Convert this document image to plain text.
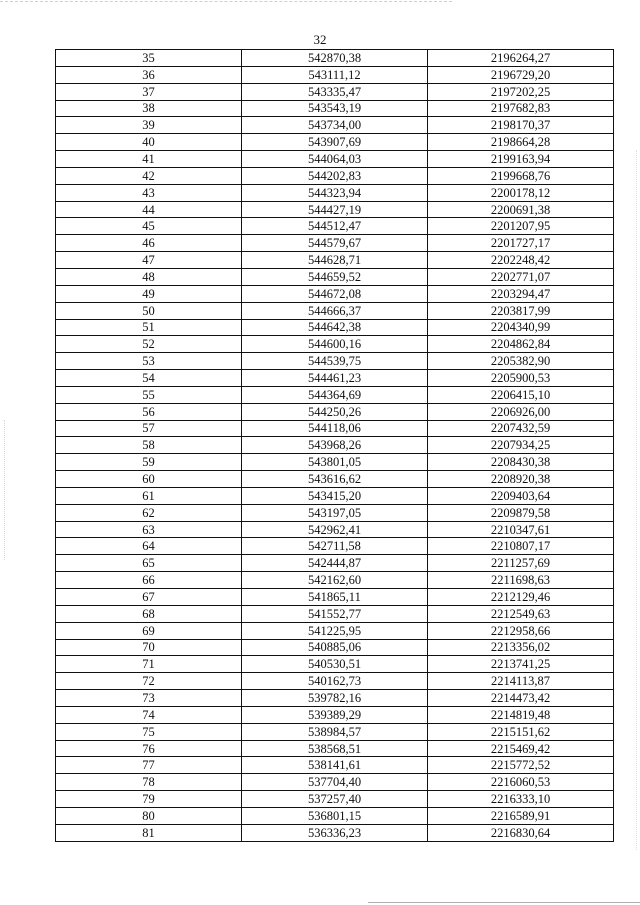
32
35	542870,38	2196264,27
36	543111,12	2196729,20
37	543335,47	2197202,25
38	543543,19	2197682,83
39	543734,00	2198170,37
40	543907,69	2198664,28
41	544064,03	2199163,94
42	544202,83	2199668,76
43	544323,94	2200178,12
44	544427,19	2200691,38
45	544512,47	2201207,95
46	544579,67	2201727,17
47	544628,71	2202248,42
48	544659,52	2202771,07
49	544672,08	2203294,47
50	544666,37	2203817,99
51	544642,38	2204340,99
52	544600,16	2204862,84
53	544539,75	2205382,90
54	544461,23	2205900,53
55	544364,69	2206415,10
56	544250,26	2206926,00
57	544118,06	2207432,59
58	543968,26	2207934,25
59	543801,05	2208430,38
60	543616,62	2208920,38
61	543415,20	2209403,64
62	543197,05	2209879,58
63	542962,41	2210347,61
64	542711,58	2210807,17
65	542444,87	2211257,69
66	542162,60	2211698,63
67	541865,11	2212129,46
68	541552,77	2212549,63
69	541225,95	2212958,66
70	540885,06	2213356,02
71	540530,51	2213741,25
72	540162,73	2214113,87
73	539782,16	2214473,42
74	539389,29	2214819,48
75	538984,57	2215151,62
76	538568,51	2215469,42
77	538141,61	2215772,52
78	537704,40	2216060,53
79	537257,40	2216333,10
80	536801,15	2216589,91
81	536336,23	2216830,64
